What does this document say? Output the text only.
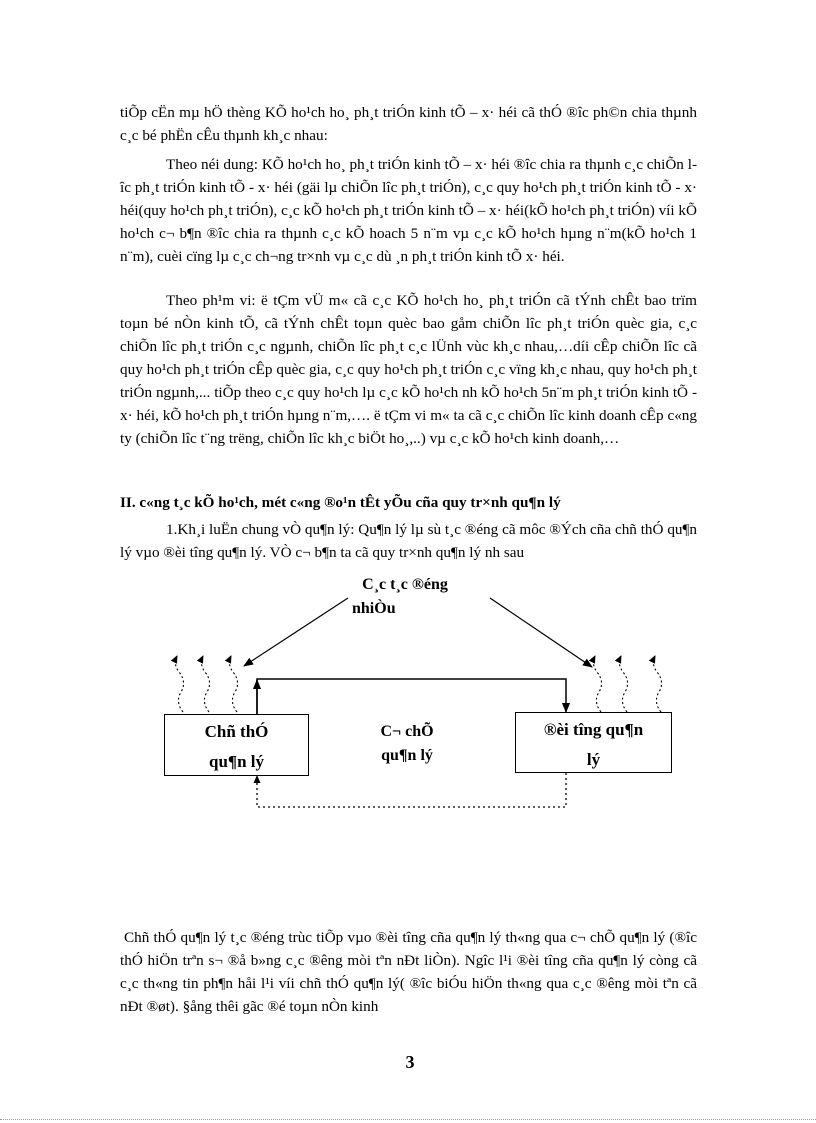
tiÕp cËn mµ hÖ thèng KÕ ho¹ch ho¸ ph¸t triÓn kinh tÕ – x· héi cã thÓ ®îc ph©n chia thµnh c¸c bé phËn cÊu thµnh kh¸c nhau:

Theo néi dung: KÕ ho¹ch ho¸ ph¸t triÓn kinh tÕ – x· héi ®îc chia ra thµnh c¸c chiÕn lîc ph¸t triÓn kinh tÕ - x· héi (gäi lµ chiÕn lîc ph¸t triÓn), c¸c quy ho¹ch ph¸t triÓn kinh tÕ - x· héi(quy ho¹ch ph¸t triÓn), c¸c kÕ ho¹ch ph¸t triÓn kinh tÕ – x· héi(kÕ ho¹ch ph¸t triÓn) víi kÕ ho¹ch c¬ b¶n ®îc chia ra thµnh c¸c kÕ hoach 5 n¨m vµ c¸c kÕ ho¹ch hµng n¨m(kÕ ho¹ch 1 n¨m), cuèi cïng lµ c¸c ch¬ng tr×nh vµ c¸c dù ¸n ph¸t triÓn kinh tÕ x· héi.

Theo ph¹m vi: ë tÇm vÜ m« cã c¸c KÕ ho¹ch ho¸ ph¸t triÓn cã tÝnh chÊt bao trïm toµn bé nÒn kinh tÕ, cã tÝnh chÊt toµn quèc bao gåm chiÕn lîc ph¸t triÓn quèc gia, c¸c chiÕn lîc ph¸t triÓn c¸c ngµnh, chiÕn lîc ph¸t c¸c lÜnh vùc kh¸c nhau,…díi cÊp chiÕn lîc cã quy ho¹ch ph¸t triÓn cÊp quèc gia, c¸c quy ho¹ch ph¸t triÓn c¸c vïng kh¸c nhau, quy ho¹ch ph¸t triÓn ngµnh,... tiÕp theo c¸c quy ho¹ch lµ c¸c kÕ ho¹ch nh kÕ ho¹ch 5n¨m ph¸t triÓn kinh tÕ - x· héi, kÕ ho¹ch ph¸t triÓn hµng n¨m,…. ë tÇm vi m« ta cã c¸c chiÕn lîc kinh doanh cÊp c«ng ty (chiÕn lîc t¨ng trëng, chiÕn lîc kh¸c biÖt ho¸,..) vµ c¸c kÕ ho¹ch kinh doanh,…

II. c«ng t¸c kÕ ho¹ch, mét c«ng ®o¹n tÊt yÕu cña quy tr×nh qu¶n lý

1.Kh¸i luËn chung vÒ qu¶n lý: Qu¶n lý lµ sù t¸c ®éng cã môc ®Ých cña chñ thÓ qu¶n lý vµo ®èi tîng qu¶n lý. VÒ c¬ b¶n ta cã quy tr×nh qu¶n lý nh sau

C¸c t¸c ®éng
nhiÒu
Chñ thÓ
qu¶n lý
C¬ chÕ
qu¶n lý
®èi tîng qu¶n
lý

Chñ thÓ qu¶n lý t¸c ®éng trùc tiÕp vµo ®èi tîng cña qu¶n lý th«ng qua c¬ chÕ qu¶n lý (®îc thÓ hiÖn trªn s¬ ®å b»ng c¸c ®êng mòi tªn nÐt liÒn). Ngîc l¹i ®èi tîng cña qu¶n lý còng cã c¸c th«ng tin ph¶n håi l¹i víi chñ thÓ qu¶n lý( ®îc biÓu hiÖn th«ng qua c¸c ®êng mòi tªn cã nÐt ®øt). §ång thêi gãc ®é toµn nÒn kinh

3
